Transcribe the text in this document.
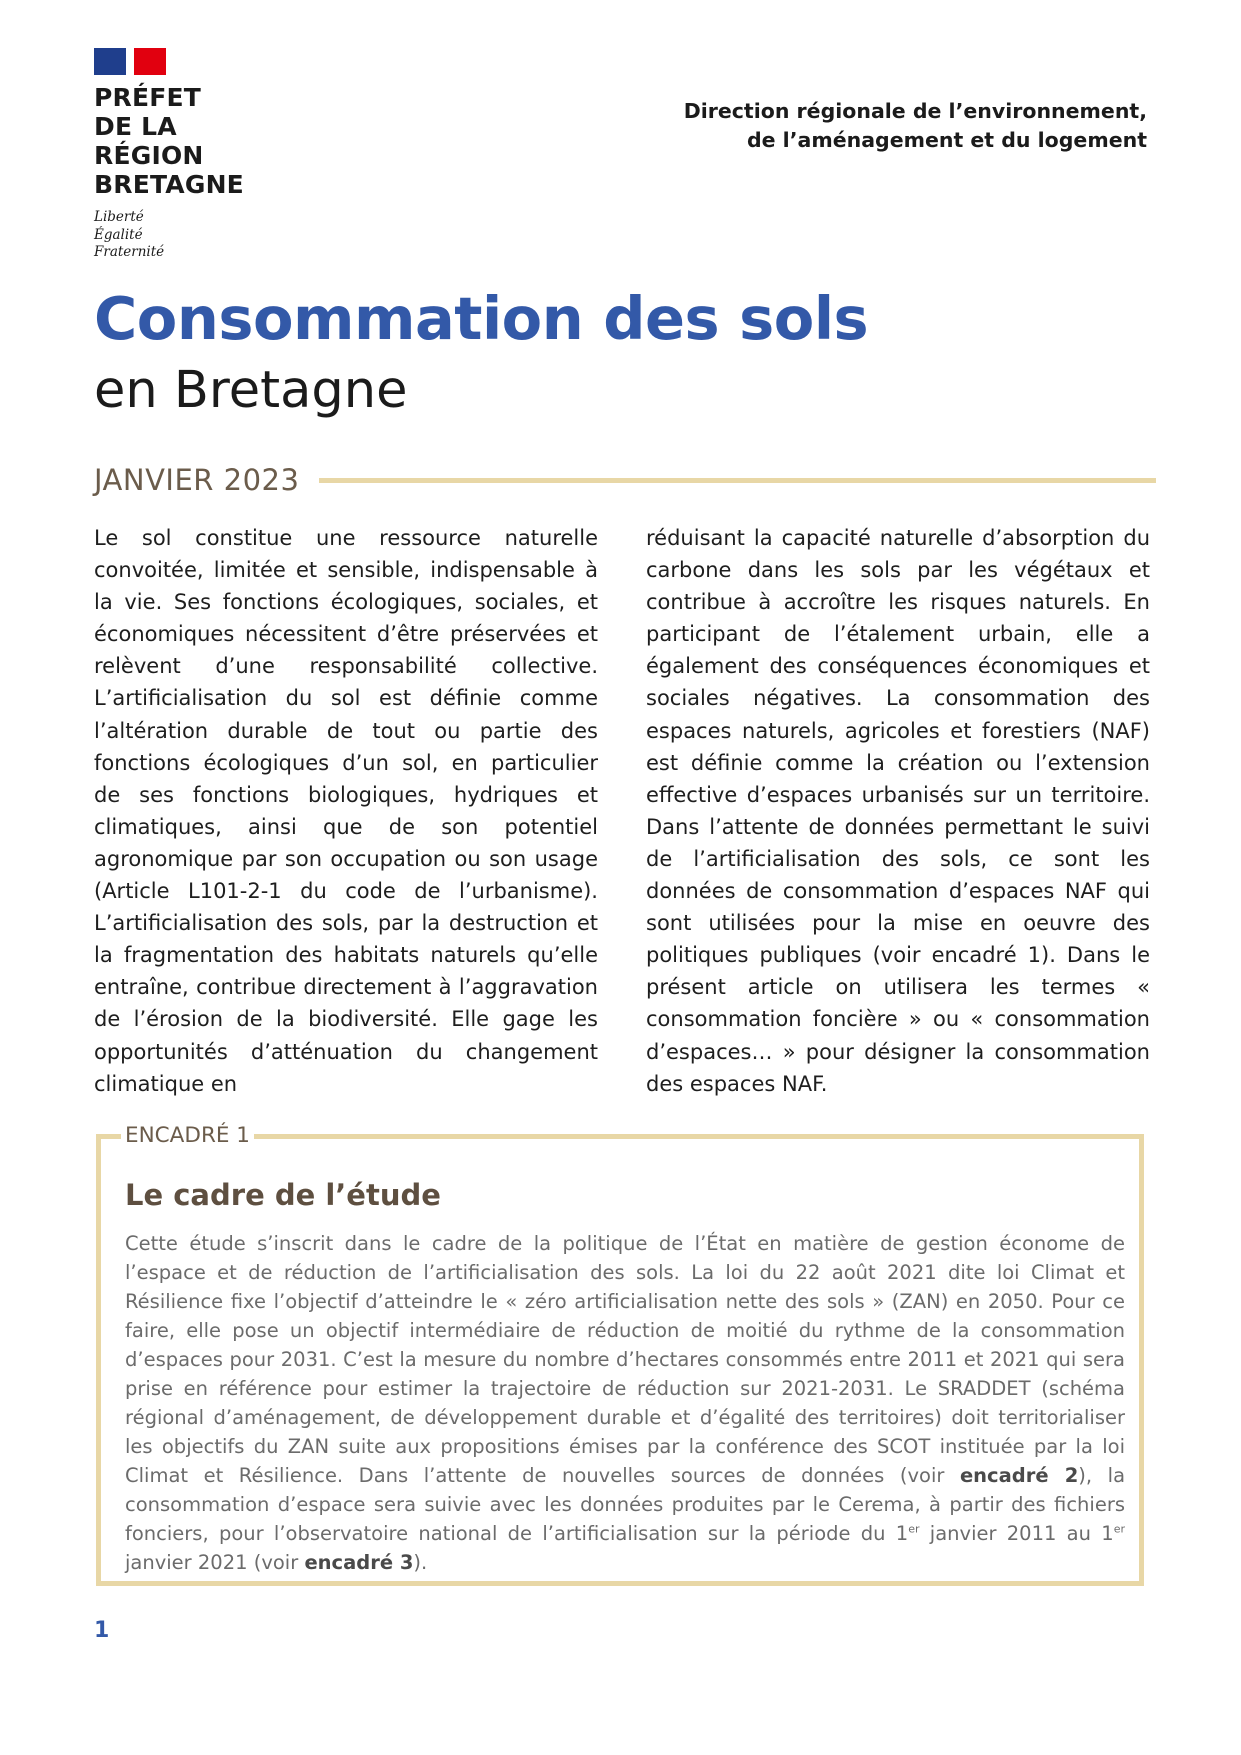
PRÉFET
DE LA RÉGION
BRETAGNE
Liberté
Égalité
Fraternité
Direction régionale de l’environnement,
de l’aménagement et du logement
Consommation des sols
en Bretagne
JANVIER 2023

Le sol constitue une ressource naturelle convoitée, limitée et sensible, indispensable à la vie. Ses fonctions écologiques, sociales, et économiques nécessitent d’être préservées et relèvent d’une responsabilité collective. L’artificialisation du sol est définie comme l’altération durable de tout ou partie des fonctions écologiques d’un sol, en particulier de ses fonctions biologiques, hydriques et climatiques, ainsi que de son potentiel agronomique par son occupation ou son usage (Article L101-2-1 du code de l’urbanisme). L’artificialisation des sols, par la destruction et la fragmentation des habitats naturels qu’elle entraîne, contribue directement à l’aggravation de l’érosion de la biodiversité. Elle gage les opportunités d’atténuation du changement climatique en

réduisant la capacité naturelle d’absorption du carbone dans les sols par les végétaux et contribue à accroître les risques naturels. En participant de l’étalement urbain, elle a également des conséquences économiques et sociales négatives. La consommation des espaces naturels, agricoles et forestiers (NAF) est définie comme la création ou l’extension effective d’espaces urbanisés sur un territoire. Dans l’attente de données permettant le suivi de l’artificialisation des sols, ce sont les données de consommation d’espaces NAF qui sont utilisées pour la mise en oeuvre des politiques publiques (voir encadré 1). Dans le présent article on utilisera les termes « consommation foncière » ou « consommation d’espaces… » pour désigner la consommation des espaces NAF.

ENCADRÉ 1
Le cadre de l’étude

Cette étude s’inscrit dans le cadre de la politique de l’État en matière de gestion économe de l’espace et de réduction de l’artificialisation des sols. La loi du 22 août 2021 dite loi Climat et Résilience fixe l’objectif d’atteindre le « zéro artificialisation nette des sols » (ZAN) en 2050. Pour ce faire, elle pose un objectif intermédiaire de réduction de moitié du rythme de la consommation d’espaces pour 2031. C’est la mesure du nombre d’hectares consommés entre 2011 et 2021 qui sera prise en référence pour estimer la trajectoire de réduction sur 2021-2031. Le SRADDET (schéma régional d’aménagement, de développement durable et d’égalité des territoires) doit territorialiser les objectifs du ZAN suite aux propositions émises par la conférence des SCOT instituée par la loi Climat et Résilience. Dans l’attente de nouvelles sources de données (voir encadré 2), la consommation d’espace sera suivie avec les données produites par le Cerema, à partir des fichiers fonciers, pour l’observatoire national de l’artificialisation sur la période du 1er janvier 2011 au 1er janvier 2021 (voir encadré 3).

1
